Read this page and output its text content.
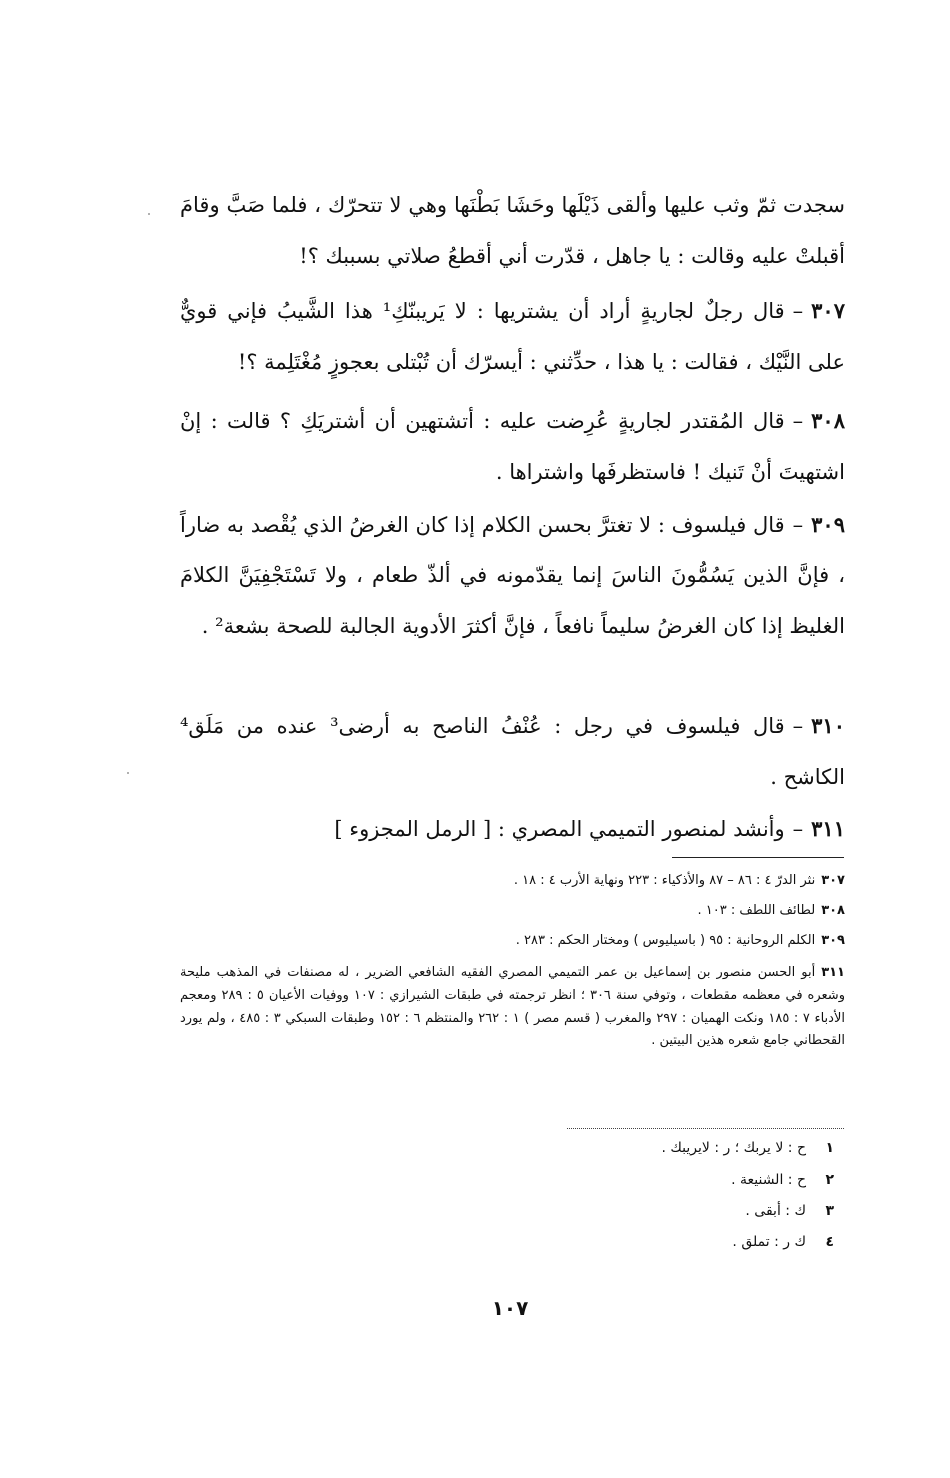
سجدت ثمّ وثب عليها وألقى ذَيْلَها وحَشَا بَطْنَها وهي لا تتحرّك ، فلما صَبَّ وقامَ أقبلتْ عليه وقالت : يا جاهل ، قدّرت أني أقطعُ صلاتي بسببك ؟!
٣٠٧–قال رجلٌ لجاريةٍ أراد أن يشتريها : لا يَريبنّكِ¹ هذا الشَّيبُ فإني قويٌّ على النَّيْك ، فقالت : يا هذا ، حدِّثني : أيسرّك أن تُبْتلى بعجوزٍ مُغْتَلِمة ؟!
٣٠٨–قال المُقتدر لجاريةٍ عُرِضت عليه : أتشتهين أن أشتريَكِ ؟ قالت : إنْ اشتهيتَ أنْ تَنيك ! فاستظرفَها واشتراها .
٣٠٩–قال فيلسوف : لا تغترَّ بحسن الكلام إذا كان الغرضُ الذي يُقْصد به ضاراً ، فإنَّ الذين يَسُمُّونَ الناسَ إنما يقدّمونه في ألذّ طعام ، ولا تَسْتَجْفِيَنَّ الكلامَ الغليظ إذا كان الغرضُ سليماً نافعاً ، فإنَّ أكثرَ الأدوية الجالبة للصحة بشعة² .
٣١٠–قال فيلسوف في رجل : عُنْفُ الناصح به أرضى³ عنده من مَلَق⁴ الكاشح .
٣١١–وأنشد لمنصور التميمي المصري : [ الرمل المجزوء ]
٣٠٧نثر الدرّ ٤ : ٨٦ – ٨٧ والأذكياء : ٢٢٣ ونهاية الأرب ٤ : ١٨ .
٣٠٨لطائف اللطف : ١٠٣ .
٣٠٩الكلم الروحانية : ٩٥ ( باسيليوس ) ومختار الحكم : ٢٨٣ .
٣١١أبو الحسن منصور بن إسماعيل بن عمر التميمي المصري الفقيه الشافعي الضرير ، له مصنفات في المذهب مليحة وشعره في معظمه مقطعات ، وتوفي سنة ٣٠٦ ؛ انظر ترجمته في طبقات الشيرازي : ١٠٧ ووفيات الأعيان ٥ : ٢٨٩ ومعجم الأدباء ٧ : ١٨٥ ونكت الهميان : ٢٩٧ والمغرب ( قسم مصر ) ١ : ٢٦٢ والمنتظم ٦ : ١٥٢ وطبقات السبكي ٣ : ٤٨٥ ، ولم يورد القحطاني جامع شعره هذين البيتين .
١ح : لا يربك ؛ ر : لايريبك .
٢ح : الشنيعة .
٣ك : أبقى .
٤ك ر : تملق .
١٠٧
